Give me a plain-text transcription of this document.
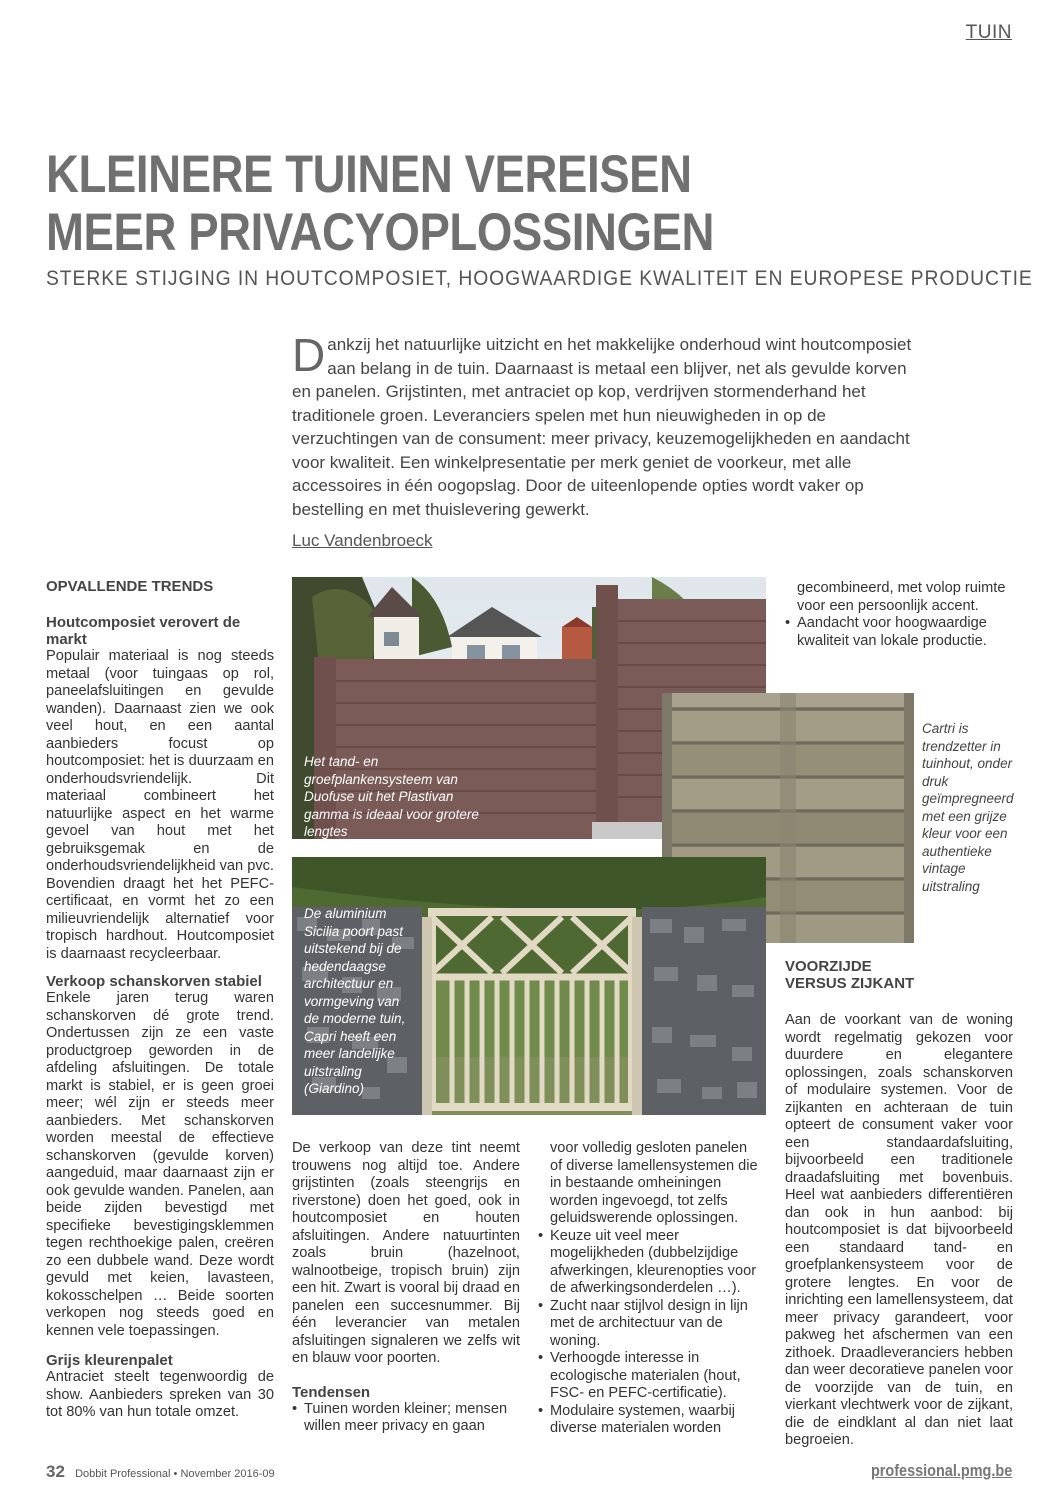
TUIN
KLEINERE TUINEN VEREISEN
MEER PRIVACYOPLOSSINGEN
STERKE STIJGING IN HOUTCOMPOSIET, HOOGWAARDIGE KWALITEIT EN EUROPESE PRODUCTIE
D ankzij het natuurlijke uitzicht en het makkelijke onderhoud wint houtcomposiet aan belang in de tuin. Daarnaast is metaal een blijver, net als gevulde korven en panelen. Grijstinten, met antraciet op kop, verdrijven stormenderhand het traditionele groen. Leveranciers spelen met hun nieuwigheden in op de verzuchtingen van de consument: meer privacy, keuzemogelijkheden en aandacht voor kwaliteit. Een winkelpresentatie per merk geniet de voorkeur, met alle accessoires in één oogopslag. Door de uiteenlopende opties wordt vaker op bestelling en met thuislevering gewerkt.
Luc Vandenbroeck
OPVALLENDE TRENDS
Houtcomposiet verovert de markt

Populair materiaal is nog steeds metaal (voor tuingaas op rol, paneelafsluitingen en gevulde wanden). Daarnaast zien we ook veel hout, en een aantal aanbieders focust op houtcomposiet: het is duurzaam en onderhoudsvriendelijk. Dit materiaal combineert het natuurlijke aspect en het warme gevoel van hout met het gebruiksgemak en de onderhoudsvriendelijkheid van pvc. Bovendien draagt het het PEFC-certificaat, en vormt het zo een milieuvriendelijk alternatief voor tropisch hardhout. Houtcomposiet is daarnaast recycleerbaar.

Verkoop schanskorven stabiel

Enkele jaren terug waren schanskorven dé grote trend. Ondertussen zijn ze een vaste productgroep geworden in de afdeling afsluitingen. De totale markt is stabiel, er is geen groei meer; wél zijn er steeds meer aanbieders. Met schanskorven worden meestal de effectieve schanskorven (gevulde korven) aangeduid, maar daarnaast zijn er ook gevulde wanden. Panelen, aan beide zijden bevestigd met specifieke bevestigingsklemmen tegen rechthoekige palen, creëren zo een dubbele wand. Deze wordt gevuld met keien, lavasteen, kokosschelpen … Beide soorten verkopen nog steeds goed en kennen vele toepassingen.

Grijs kleurenpalet

Antraciet steelt tegenwoordig de show. Aanbieders spreken van 30 tot 80% van hun totale omzet.

Het tand- en groefplankensysteem van Duofuse uit het Plastivan gamma is ideaal voor grotere lengtes
Cartri is trendzetter in tuinhout, onder druk geïmpregneerd met een grijze kleur voor een authentieke vintage uitstraling
De aluminium Sicilia poort past uitstekend bij de hedendaagse architectuur en vormgeving van de moderne tuin, Capri heeft een meer landelijke uitstraling (Giardino)

De verkoop van deze tint neemt trouwens nog altijd toe. Andere grijstinten (zoals steengrijs en riverstone) doen het goed, ook in houtcomposiet en houten afsluitingen. Andere natuurtinten zoals bruin (hazelnoot, walnootbeige, tropisch bruin) zijn een hit. Zwart is vooral bij draad en panelen een succesnummer. Bij één leverancier van metalen afsluitingen signaleren we zelfs wit en blauw voor poorten.

Tendensen
• Tuinen worden kleiner; mensen willen meer privacy en gaan

voor volledig gesloten panelen of diverse lamellensystemen die in bestaande omheiningen worden ingevoegd, tot zelfs geluidswerende oplossingen.

• Keuze uit veel meer mogelijkheden (dubbelzijdige afwerkingen, kleurenopties voor de afwerkingsonderdelen …).
• Zucht naar stijlvol design in lijn met de architectuur van de woning.
• Verhoogde interesse in ecologische materialen (hout, FSC- en PEFC-certificatie).
• Modulaire systemen, waarbij diverse materialen worden

gecombineerd, met volop ruimte voor een persoonlijk accent.

• Aandacht voor hoogwaardige kwaliteit van lokale productie.
VOORZIJDE
VERSUS ZIJKANT

Aan de voorkant van de woning wordt regelmatig gekozen voor duurdere en elegantere oplossingen, zoals schanskorven of modulaire systemen. Voor de zijkanten en achteraan de tuin opteert de consument vaker voor een standaardafsluiting, bijvoorbeeld een traditionele draadafsluiting met bovenbuis. Heel wat aanbieders differentiëren dan ook in hun aanbod: bij houtcomposiet is dat bijvoorbeeld een standaard tand- en groefplankensysteem voor de grotere lengtes. En voor de inrichting een lamellensysteem, dat meer privacy garandeert, voor pakweg het afschermen van een zithoek. Draadleveranciers hebben dan weer decoratieve panelen voor de voorzijde van de tuin, en vierkant vlechtwerk voor de zijkant, die de eindklant al dan niet laat begroeien.

32 Dobbit Professional • November 2016-09	professional.pmg.be
